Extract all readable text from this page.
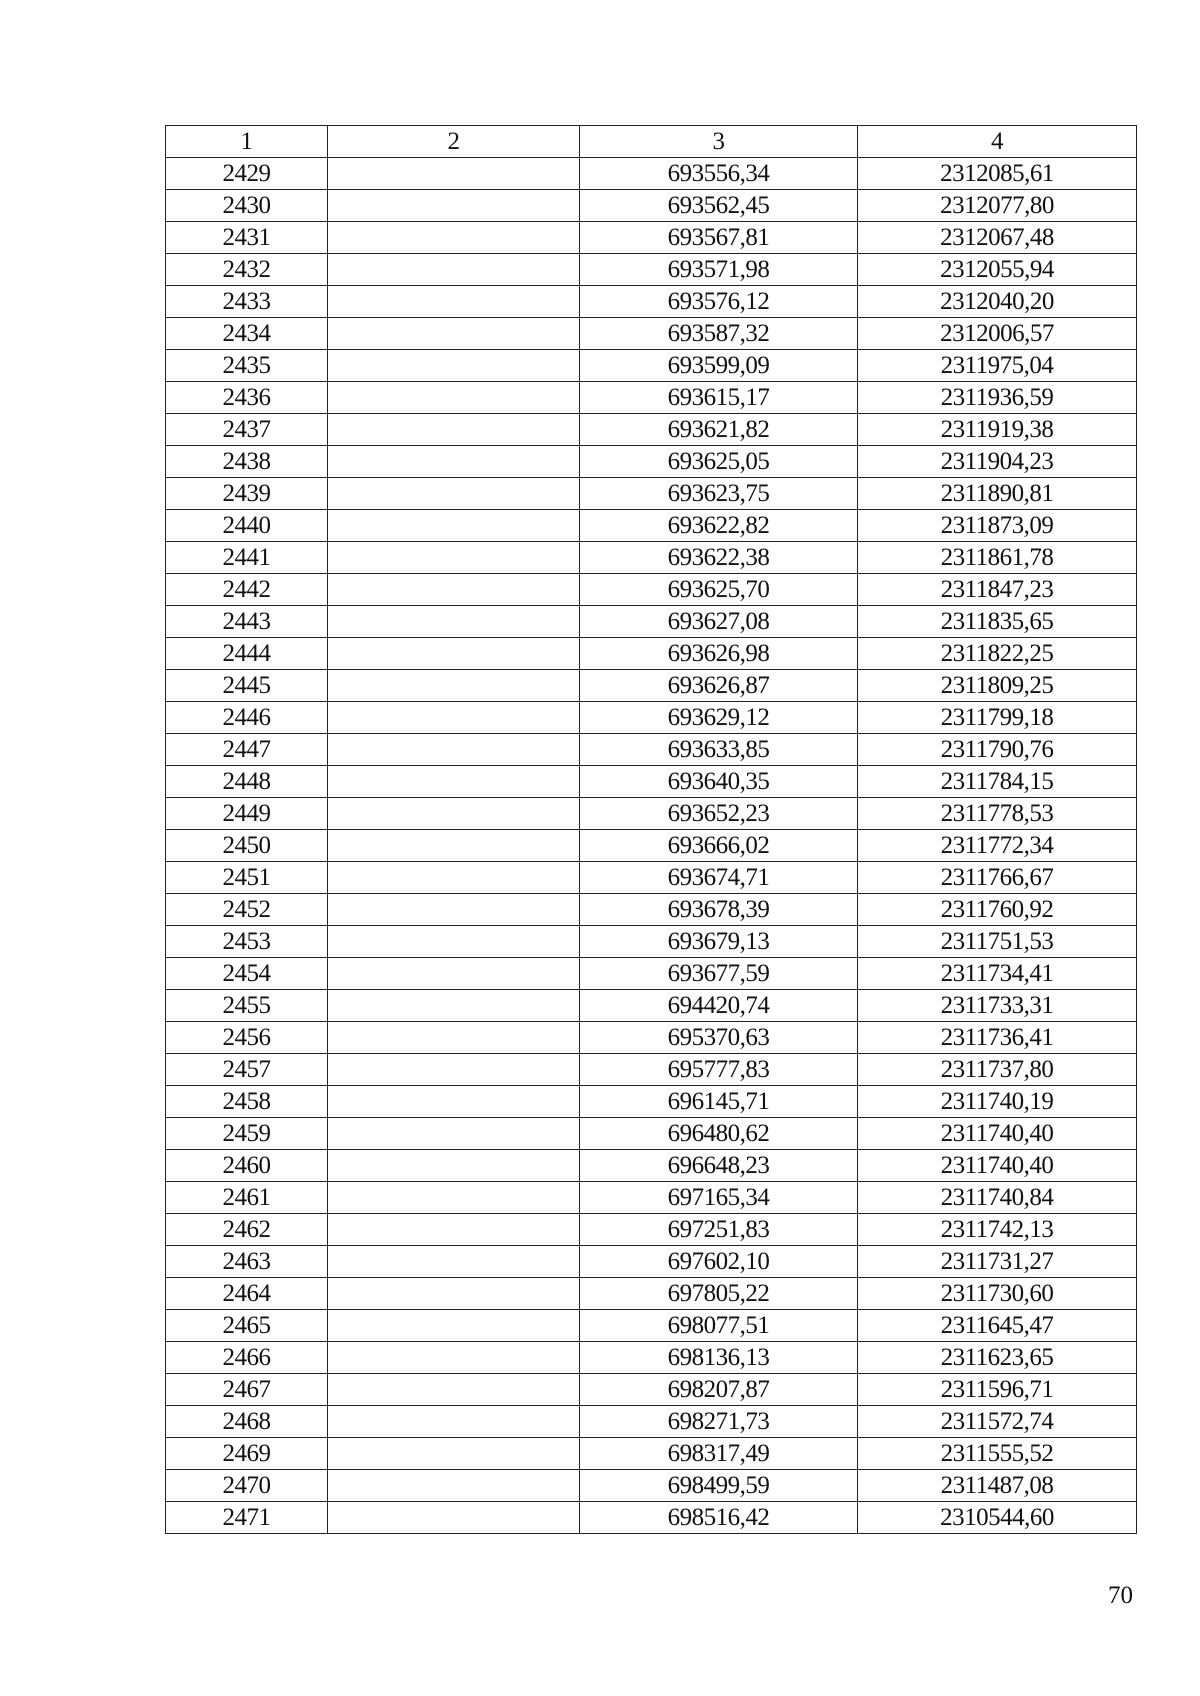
1	2	3	4
2429		693556,34	2312085,61
2430		693562,45	2312077,80
2431		693567,81	2312067,48
2432		693571,98	2312055,94
2433		693576,12	2312040,20
2434		693587,32	2312006,57
2435		693599,09	2311975,04
2436		693615,17	2311936,59
2437		693621,82	2311919,38
2438		693625,05	2311904,23
2439		693623,75	2311890,81
2440		693622,82	2311873,09
2441		693622,38	2311861,78
2442		693625,70	2311847,23
2443		693627,08	2311835,65
2444		693626,98	2311822,25
2445		693626,87	2311809,25
2446		693629,12	2311799,18
2447		693633,85	2311790,76
2448		693640,35	2311784,15
2449		693652,23	2311778,53
2450		693666,02	2311772,34
2451		693674,71	2311766,67
2452		693678,39	2311760,92
2453		693679,13	2311751,53
2454		693677,59	2311734,41
2455		694420,74	2311733,31
2456		695370,63	2311736,41
2457		695777,83	2311737,80
2458		696145,71	2311740,19
2459		696480,62	2311740,40
2460		696648,23	2311740,40
2461		697165,34	2311740,84
2462		697251,83	2311742,13
2463		697602,10	2311731,27
2464		697805,22	2311730,60
2465		698077,51	2311645,47
2466		698136,13	2311623,65
2467		698207,87	2311596,71
2468		698271,73	2311572,74
2469		698317,49	2311555,52
2470		698499,59	2311487,08
2471		698516,42	2310544,60
70
